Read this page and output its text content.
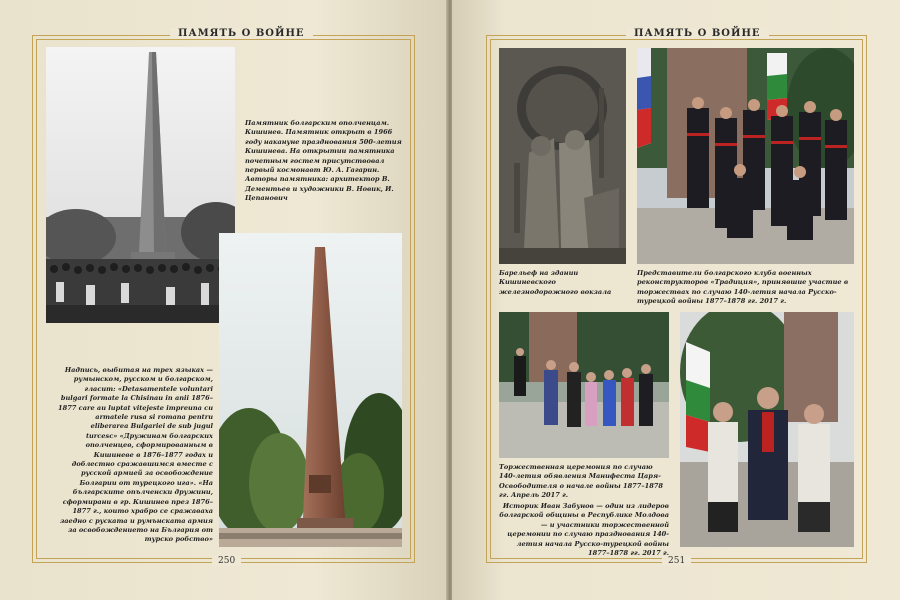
ПАМЯТЬ О ВОЙНЕ
250
Памятник болгарским ополченцам. Кишинев. Памятник открыт в 1966 году накануне празднования 500-летия Кишинева. На открытии памятника почетным гостем присутствовал первый космонавт Ю. А. Гагарин. Авторы памятника: архитектор В. Дементьев и художники В. Новик, И. Цепанович
Надпись, выбитая на трех языках — румынском, русском и болгарском, гласит: «Detasamentele voluntari bulgari formate la Chisinau in anii 1876–1877 care au luptat vitejeste impreuna cu armatele rusa si romana pentru eliberarea Bulgariei de sub jugul turcesc» «Дружинам болгарских ополченцев, сформированным в Кишиневе в 1876–1877 годах и доблестно сражавшимся вместе с русской армией за освобождение Болгарии от турецкого ига». «На българските опълченски дружини, сформирани в гр. Кишинев през 1876–1877 г., които храбро се сражаваха заедно с руската и румънската армия за освобождението на България от турско робство»
ПАМЯТЬ О ВОЙНЕ
251
Барельеф на здании Кишиневского железнодорожного вокзала
Представители болгарского клуба военных реконструкторов «Традиция», принявшие участие в торжествах по случаю 140-летия начала Русско-турецкой войны 1877–1878 гг. 2017 г.
Торжественная церемония по случаю 140-летия обявления Манифеста Царя-Освободителя о начале войны 1877–1878 гг. Апрель 2017 г.
Историк Иван Забунов — один из лидеров болгарской общины в Республике Молдова — и участники торжественной церемонии по случаю празднования 140-летия начала Русско-турецкой войны 1877–1878 гг. 2017 г.
